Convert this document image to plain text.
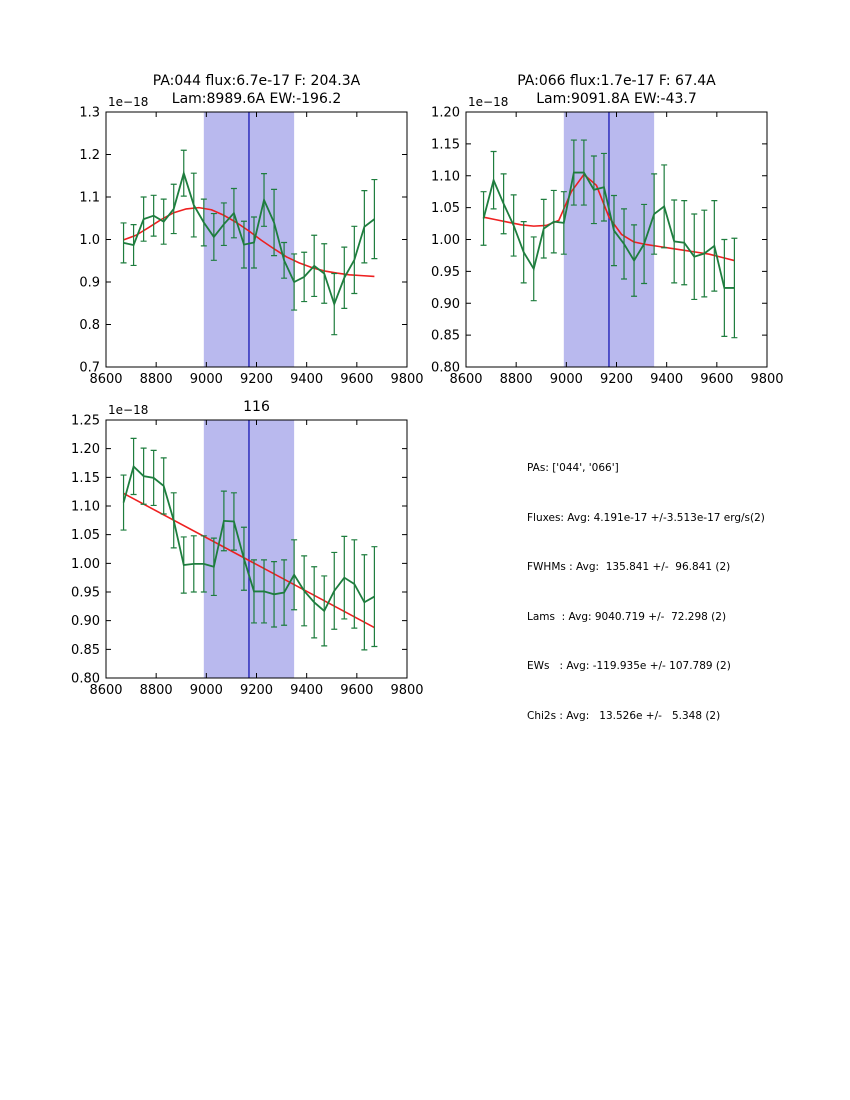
8600 8800 9000 9200 9400 9600 9800
0.7
0.8
0.9
1.0
1.1
1.2
1.3
1e−18
PA:044 flux:6.7e-17 F: 204.3A
Lam:8989.6A EW:-196.2
8600 8800 9000 9200 9400 9600 9800
0.80
0.85
0.90
0.95
1.00
1.05
1.10
1.15
1.20
1e−18
PA:066 flux:1.7e-17 F: 67.4A
Lam:9091.8A EW:-43.7
8600 8800 9000 9200 9400 9600 9800
0.80
0.85
0.90
0.95
1.00
1.05
1.10
1.15
1.20
1.25
1e−18	116

PAs: ['044', '066']

Fluxes: Avg: 4.191e-17 +/-3.513e-17 erg/s(2)

FWHMs : Avg:  135.841 +/-  96.841 (2)

Lams  : Avg: 9040.719 +/-  72.298 (2)

EWs   : Avg: -119.935e +/- 107.789 (2)

Chi2s : Avg:   13.526e +/-   5.348 (2)
